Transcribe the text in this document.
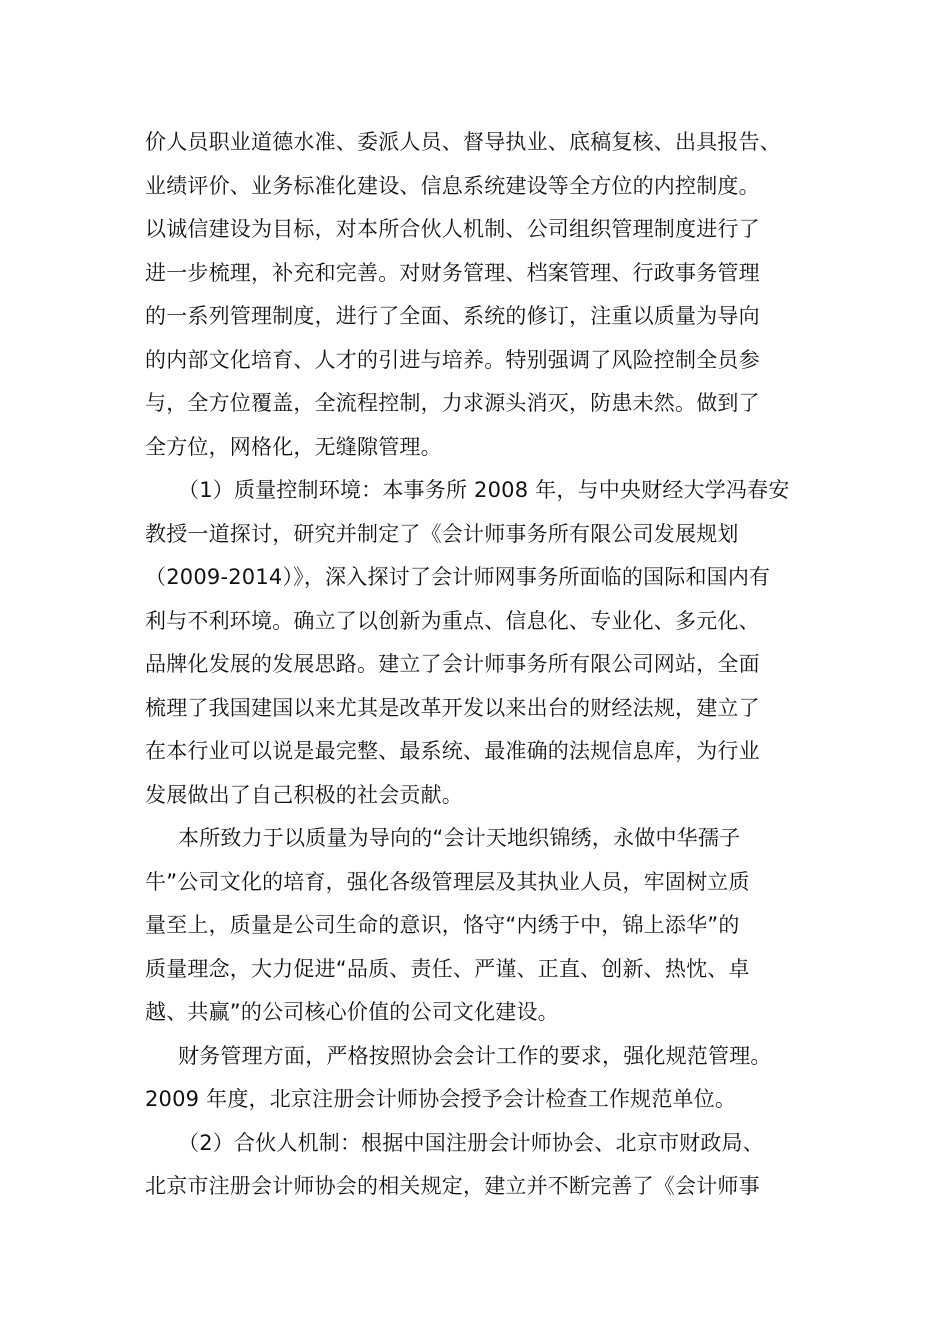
价人员职业道德水准、委派人员、督导执业、底稿复核、出具报告、
业绩评价、业务标准化建设、信息系统建设等全方位的内控制度。
以诚信建设为目标，对本所合伙人机制、公司组织管理制度进行了
进一步梳理，补充和完善。对财务管理、档案管理、行政事务管理
的一系列管理制度，进行了全面、系统的修订，注重以质量为导向
的内部文化培育、人才的引进与培养。特别强调了风险控制全员参
与，全方位覆盖，全流程控制，力求源头消灭，防患未然。做到了
全方位，网格化，无缝隙管理。
（1）质量控制环境：本事务所 2008 年，与中央财经大学冯春安
教授一道探讨，研究并制定了《会计师事务所有限公司发展规划
（2009-2014）》，深入探讨了会计师网事务所面临的国际和国内有
利与不利环境。确立了以创新为重点、信息化、专业化、多元化、
品牌化发展的发展思路。建立了会计师事务所有限公司网站，全面
梳理了我国建国以来尤其是改革开发以来出台的财经法规，建立了
在本行业可以说是最完整、最系统、最准确的法规信息库，为行业
发展做出了自己积极的社会贡献。
本所致力于以质量为导向的“会计天地织锦绣，永做中华孺子
牛”公司文化的培育，强化各级管理层及其执业人员，牢固树立质
量至上，质量是公司生命的意识，恪守“内绣于中，锦上添华”的
质量理念，大力促进“品质、责任、严谨、正直、创新、热忱、卓
越、共赢”的公司核心价值的公司文化建设。
财务管理方面，严格按照协会会计工作的要求，强化规范管理。
2009 年度，北京注册会计师协会授予会计检查工作规范单位。
（2）合伙人机制：根据中国注册会计师协会、北京市财政局、
北京市注册会计师协会的相关规定，建立并不断完善了《会计师事
